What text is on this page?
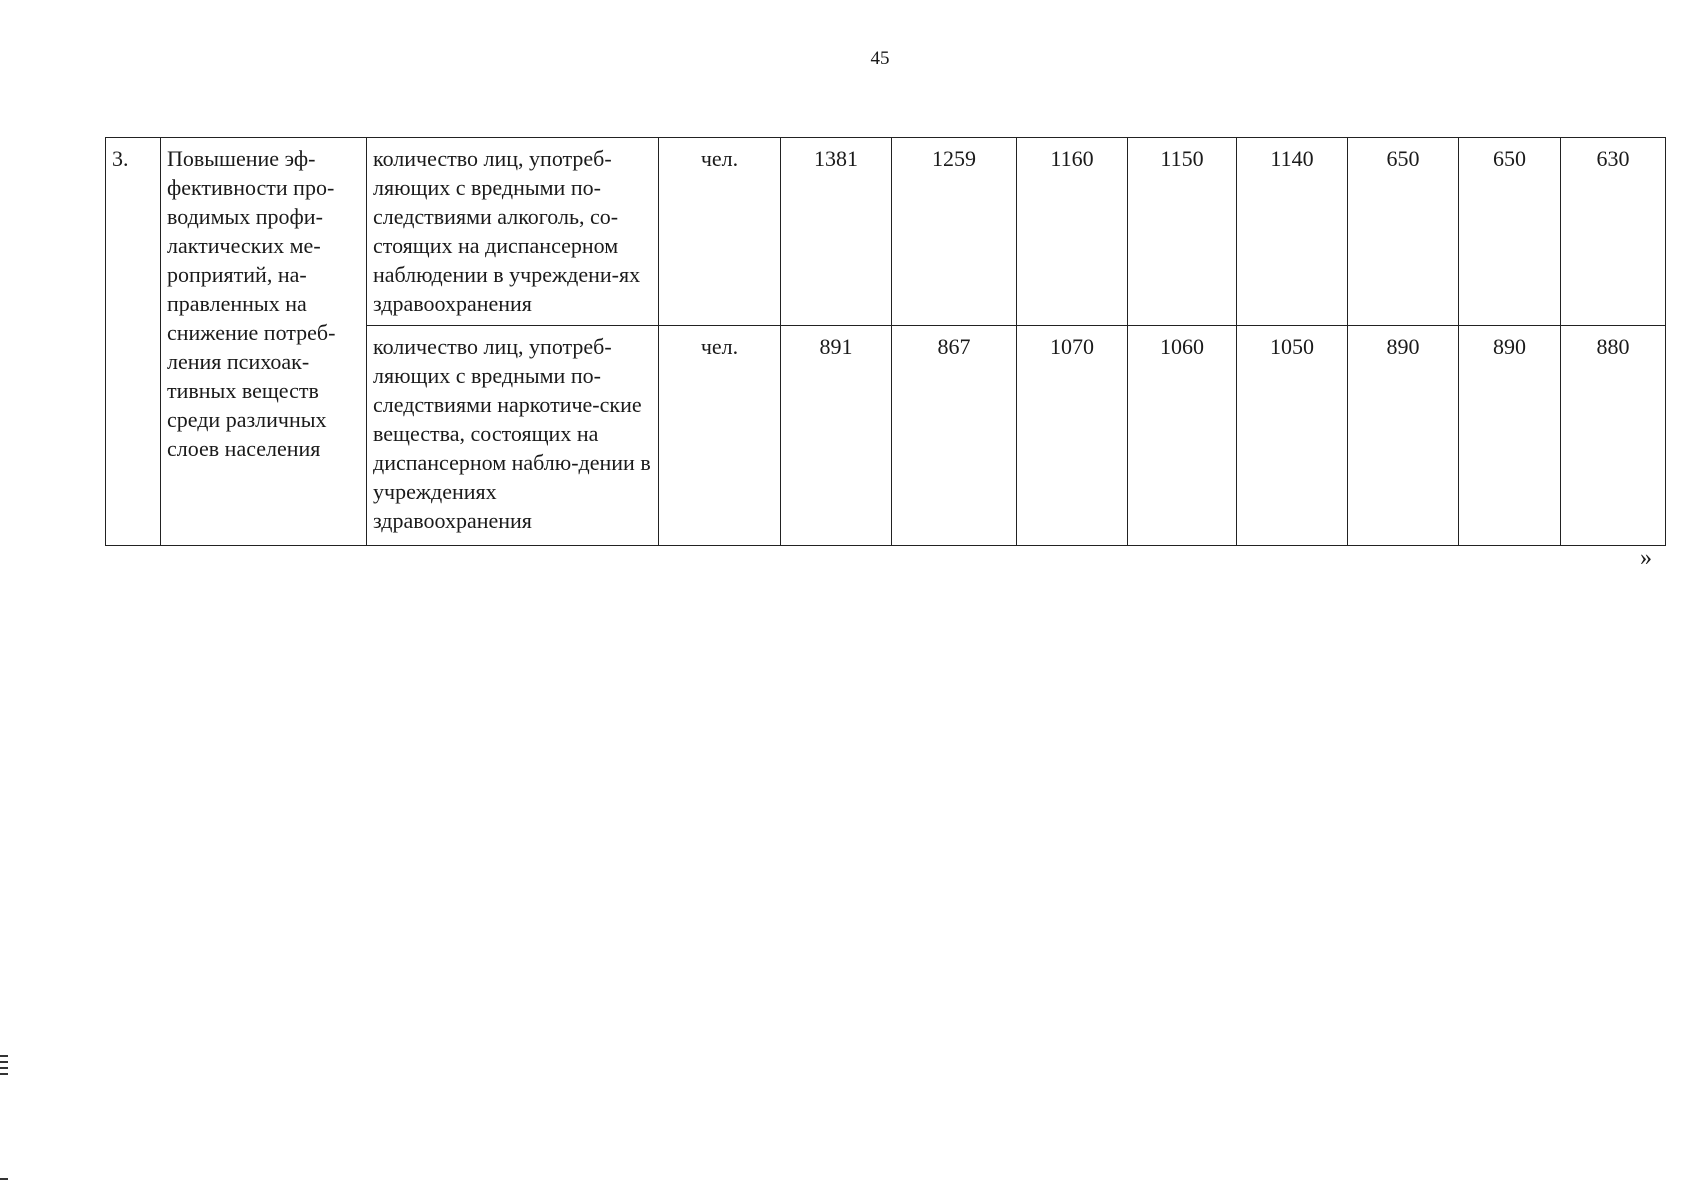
45
3.	Повышение эф-фективности про-водимых профи-лактических ме-роприятий, на-правленных на снижение потреб-ления психоак-тивных веществ среди различных слоев населения	количество лиц, употреб-ляющих с вредными по-следствиями алкоголь, со-стоящих на диспансерном наблюдении в учреждени-ях здравоохранения	чел.	1381	1259	1160	1150	1140	650	650	630
		количество лиц, употреб-ляющих с вредными по-следствиями наркотиче-ские вещества, состоящих на диспансерном наблю-дении в учреждениях здравоохранения	чел.	891	867	1070	1060	1050	890	890	880
»
